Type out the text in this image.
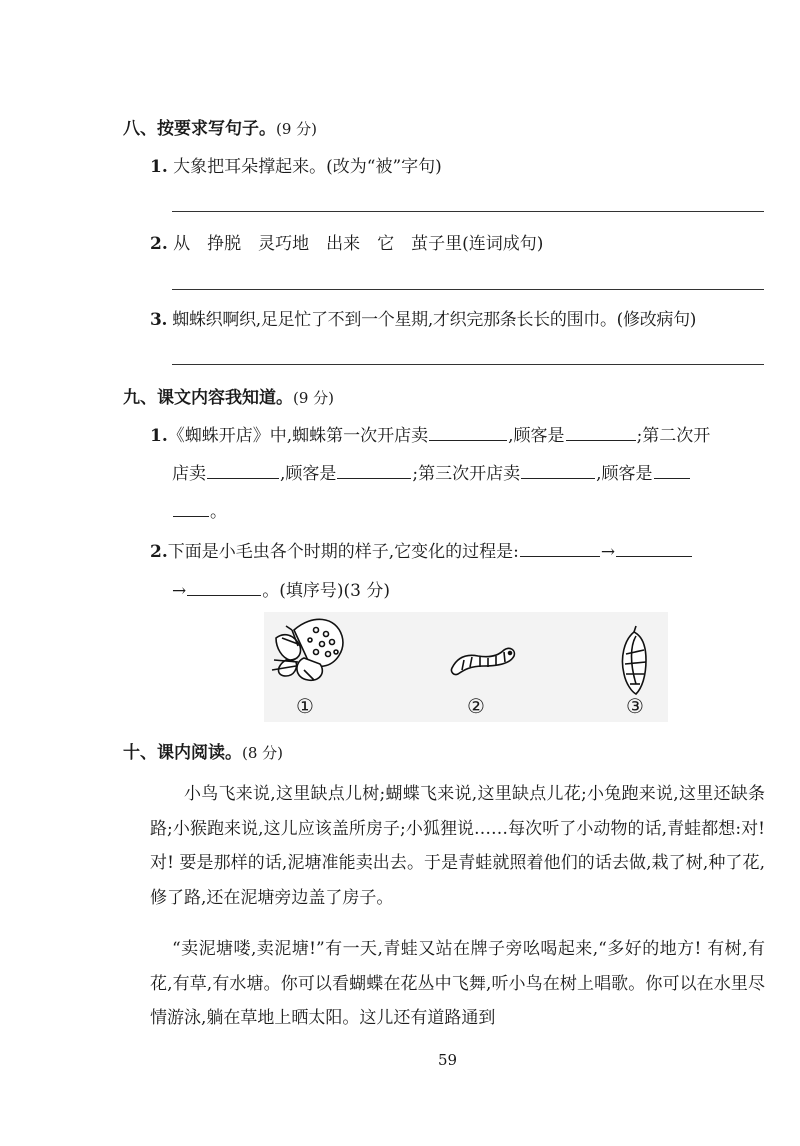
八、按要求写句子。(9 分)
1. 大象把耳朵撑起来。(改为“被”字句)
2. 从　挣脱　灵巧地　出来　它　茧子里(连词成句)
3. 蜘蛛织啊织,足足忙了不到一个星期,才织完那条长长的围巾。(修改病句)
九、课文内容我知道。(9 分)
1.《蜘蛛开店》中,蜘蛛第一次开店卖	,顾客是	;第二次开
店卖	,顾客是	;第三次开店卖	,顾客是
。
2.下面是小毛虫各个时期的样子,它变化的过程是:	→
→	。(填序号)(3 分)
①	②	③
十、课内阅读。(8 分)
小鸟飞来说,这里缺点儿树;蝴蝶飞来说,这里缺点儿花;小兔跑来说,这里还缺条路;小猴跑来说,这儿应该盖所房子;小狐狸说……每次听了小动物的话,青蛙都想:对! 对! 要是那样的话,泥塘准能卖出去。于是青蛙就照着他们的话去做,栽了树,种了花,修了路,还在泥塘旁边盖了房子。
“卖泥塘喽,卖泥塘!”有一天,青蛙又站在牌子旁吆喝起来,“多好的地方! 有树,有花,有草,有水塘。你可以看蝴蝶在花丛中飞舞,听小鸟在树上唱歌。你可以在水里尽情游泳,躺在草地上晒太阳。这儿还有道路通到
59
